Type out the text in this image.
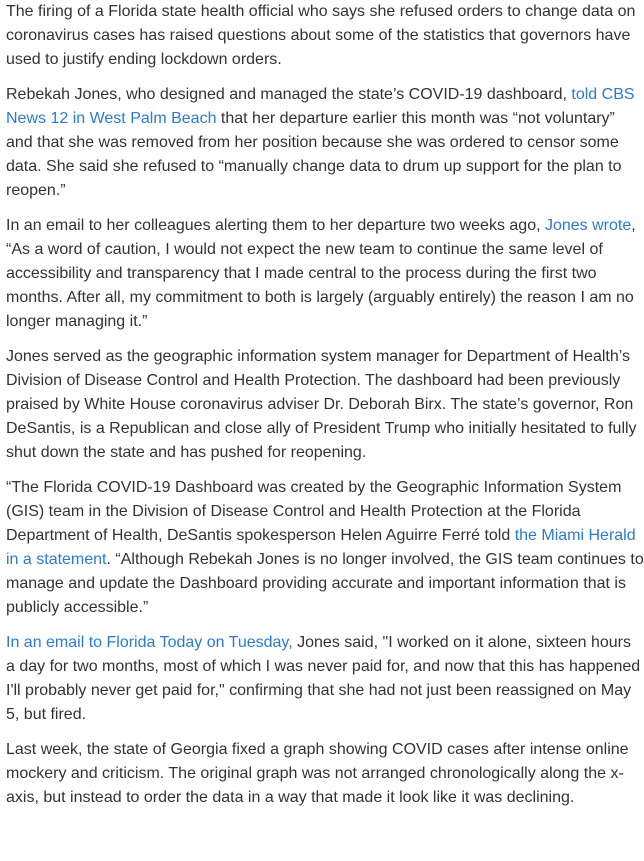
The firing of a Florida state health official who says she refused orders to change data on coronavirus cases has raised questions about some of the statistics that governors have used to justify ending lockdown orders.

Rebekah Jones, who designed and managed the state’s COVID-19 dashboard, told CBS News 12 in West Palm Beach that her departure earlier this month was “not voluntary” and that she was removed from her position because she was ordered to censor some data. She said she refused to “manually change data to drum up support for the plan to reopen.”

In an email to her colleagues alerting them to her departure two weeks ago, Jones wrote, “As a word of caution, I would not expect the new team to continue the same level of accessibility and transparency that I made central to the process during the first two months. After all, my commitment to both is largely (arguably entirely) the reason I am no longer managing it.”

Jones served as the geographic information system manager for Department of Health’s Division of Disease Control and Health Protection. The dashboard had been previously praised by White House coronavirus adviser Dr. Deborah Birx. The state’s governor, Ron DeSantis, is a Republican and close ally of President Trump who initially hesitated to fully shut down the state and has pushed for reopening.

“The Florida COVID-19 Dashboard was created by the Geographic Information System (GIS) team in the Division of Disease Control and Health Protection at the Florida Department of Health, DeSantis spokesperson Helen Aguirre Ferré told the Miami Herald in a statement. “Although Rebekah Jones is no longer involved, the GIS team continues to manage and update the Dashboard providing accurate and important information that is publicly accessible.”

In an email to Florida Today on Tuesday, Jones said, "I worked on it alone, sixteen hours a day for two months, most of which I was never paid for, and now that this has happened I'll probably never get paid for," confirming that she had not just been reassigned on May 5, but fired.

Last week, the state of Georgia fixed a graph showing COVID cases after intense online mockery and criticism. The original graph was not arranged chronologically along the x-axis, but instead to order the data in a way that made it look like it was declining.
